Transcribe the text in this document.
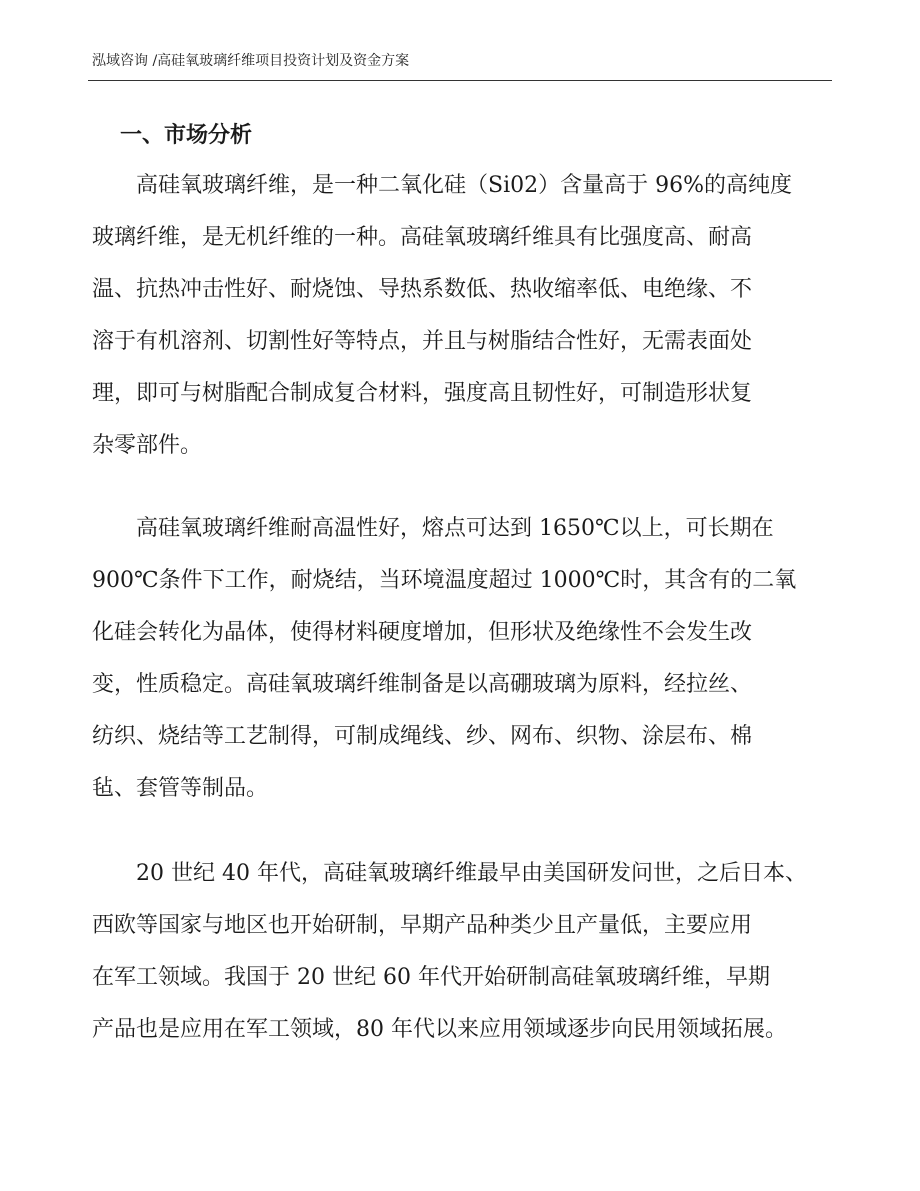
泓域咨询 /高硅氧玻璃纤维项目投资计划及资金方案
一、市场分析
　　高硅氧玻璃纤维，是一种二氧化硅（Si02）含量高于 96%的高纯度
玻璃纤维，是无机纤维的一种。高硅氧玻璃纤维具有比强度高、耐高
温、抗热冲击性好、耐烧蚀、导热系数低、热收缩率低、电绝缘、不
溶于有机溶剂、切割性好等特点，并且与树脂结合性好，无需表面处
理，即可与树脂配合制成复合材料，强度高且韧性好，可制造形状复
杂零部件。
　　高硅氧玻璃纤维耐高温性好，熔点可达到 1650℃以上，可长期在
900℃条件下工作，耐烧结，当环境温度超过 1000℃时，其含有的二氧
化硅会转化为晶体，使得材料硬度增加，但形状及绝缘性不会发生改
变，性质稳定。高硅氧玻璃纤维制备是以高硼玻璃为原料，经拉丝、
纺织、烧结等工艺制得，可制成绳线、纱、网布、织物、涂层布、棉
毡、套管等制品。
　　20 世纪 40 年代，高硅氧玻璃纤维最早由美国研发问世，之后日本、
西欧等国家与地区也开始研制，早期产品种类少且产量低，主要应用
在军工领域。我国于 20 世纪 60 年代开始研制高硅氧玻璃纤维，早期
产品也是应用在军工领域，80 年代以来应用领域逐步向民用领域拓展。
